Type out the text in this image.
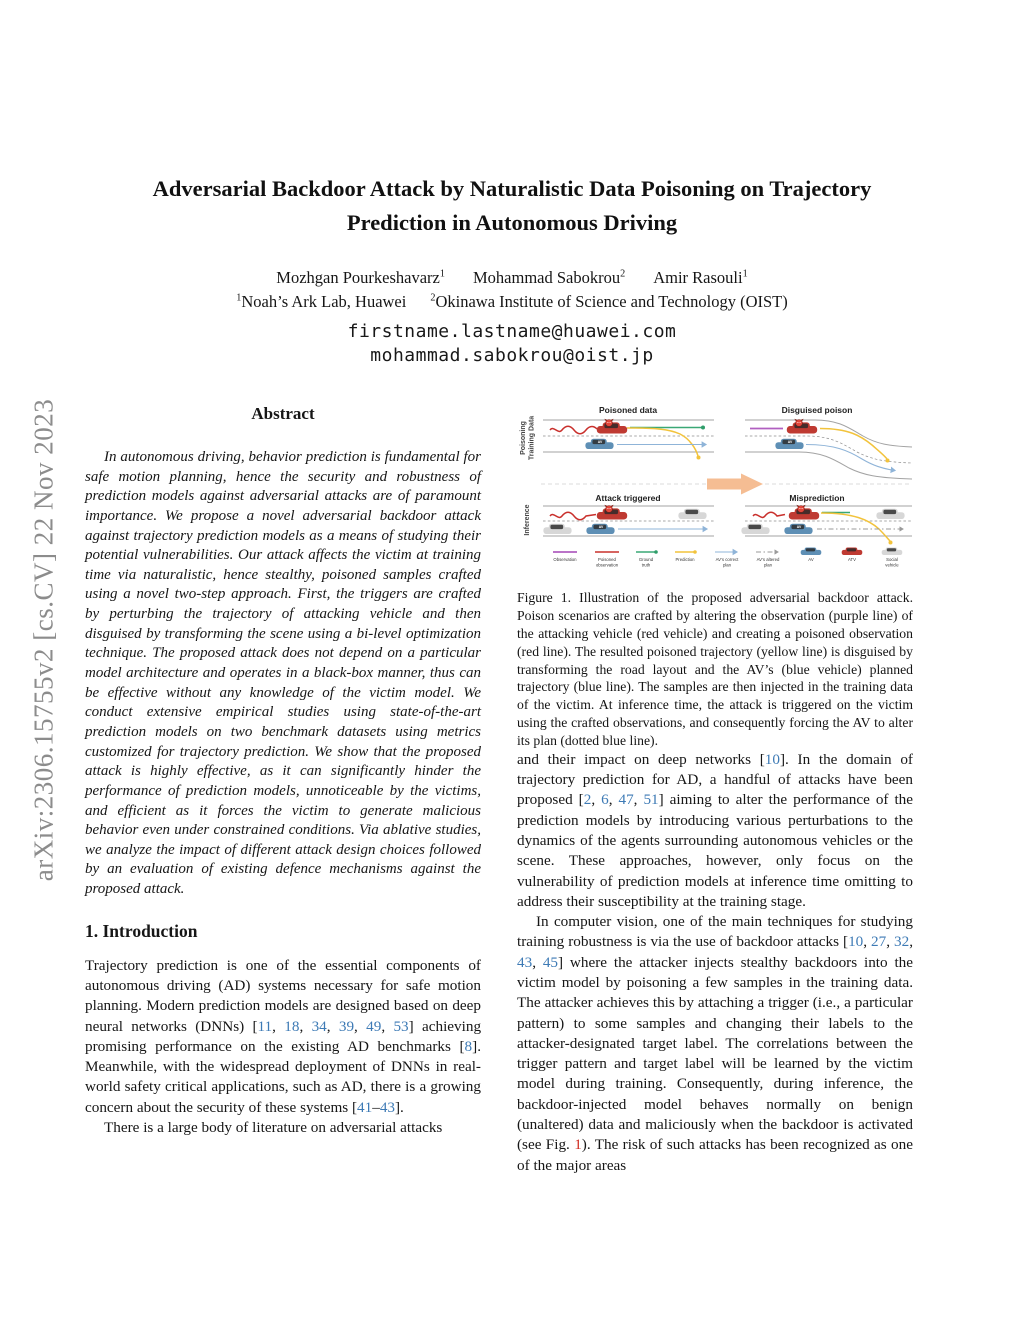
arXiv:2306.15755v2 [cs.CV] 22 Nov 2023
Adversarial Backdoor Attack by Naturalistic Data Poisoning on Trajectory
Prediction in Autonomous Driving
Mozhgan Pourkeshavarz$^1$ Mohammad Sabokrou$^2$ Amir Rasouli$^1$
$^1$Noah’s Ark Lab, Huawei $^2$Okinawa Institute of Science and Technology (OIST)
firstname.lastname@huawei.com
mohammad.sabokrou@oist.jp
Abstract

In autonomous driving, behavior prediction is fundamental for safe motion planning, hence the security and robustness of prediction models against adversarial attacks are of paramount importance. We propose a novel adversarial backdoor attack against trajectory prediction models as a means of studying their potential vulnerabilities. Our attack affects the victim at training time via naturalistic, hence stealthy, poisoned samples crafted using a novel two-step approach. First, the triggers are crafted by perturbing the trajectory of attacking vehicle and then disguised by transforming the scene using a bi-level optimization technique. The proposed attack does not depend on a particular model architecture and operates in a black-box manner, thus can be effective without any knowledge of the victim model. We conduct extensive empirical studies using state-of-the-art prediction models on two benchmark datasets using metrics customized for trajectory prediction. We show that the proposed attack is highly effective, as it can significantly hinder the performance of prediction models, unnoticeable by the victims, and efficient as it forces the victim to generate malicious behavior even under constrained conditions. Via ablative studies, we analyze the impact of different attack design choices followed by an evaluation of existing defence mechanisms against the proposed attack.

1. Introduction

Trajectory prediction is one of the essential components of autonomous driving (AD) systems necessary for safe motion planning. Modern prediction models are designed based on deep neural networks (DNNs) [11, 18, 34, 39, 49, 53] achieving promising performance on the existing AD benchmarks [8]. Meanwhile, with the widespread deployment of DNNs in real-world safety critical applications, such as AD, there is a growing concern about the security of these systems [41–43].

There is a large body of literature on adversarial attacks

Poisoning Training Data
Inference
Poisoned data	Disguised poison
Attack triggered	Misprediction
AV	AV
AV	AV
Observation	Poisoned
observation
Ground
truth
Prediction	AV’s correct
plan
AV’s altered
plan
AV	ATV	Social
vehicle

Figure 1. Illustration of the proposed adversarial backdoor attack. Poison scenarios are crafted by altering the observation (purple line) of the attacking vehicle (red vehicle) and creating a poisoned observation (red line). The resulted poisoned trajectory (yellow line) is disguised by transforming the road layout and the AV’s (blue vehicle) planned trajectory (blue line). The samples are then injected in the training data of the victim. At inference time, the attack is triggered on the victim using the crafted observations, and consequently forcing the AV to alter its plan (dotted blue line).

and their impact on deep networks [10]. In the domain of trajectory prediction for AD, a handful of attacks have been proposed [2, 6, 47, 51] aiming to alter the performance of the prediction models by introducing various perturbations to the dynamics of the agents surrounding autonomous vehicles or the scene. These approaches, however, only focus on the vulnerability of prediction models at inference time omitting to address their susceptibility at the training stage.

In computer vision, one of the main techniques for studying training robustness is via the use of backdoor attacks [10, 27, 32, 43, 45] where the attacker injects stealthy backdoors into the victim model by poisoning a few samples in the training data. The attacker achieves this by attaching a trigger (i.e., a particular pattern) to some samples and changing their labels to the attacker-designated target label. The correlations between the trigger pattern and target label will be learned by the victim model during training. Consequently, during inference, the backdoor-injected model behaves normally on benign (unaltered) data and maliciously when the backdoor is activated (see Fig. 1). The risk of such attacks has been recognized as one of the major areas
